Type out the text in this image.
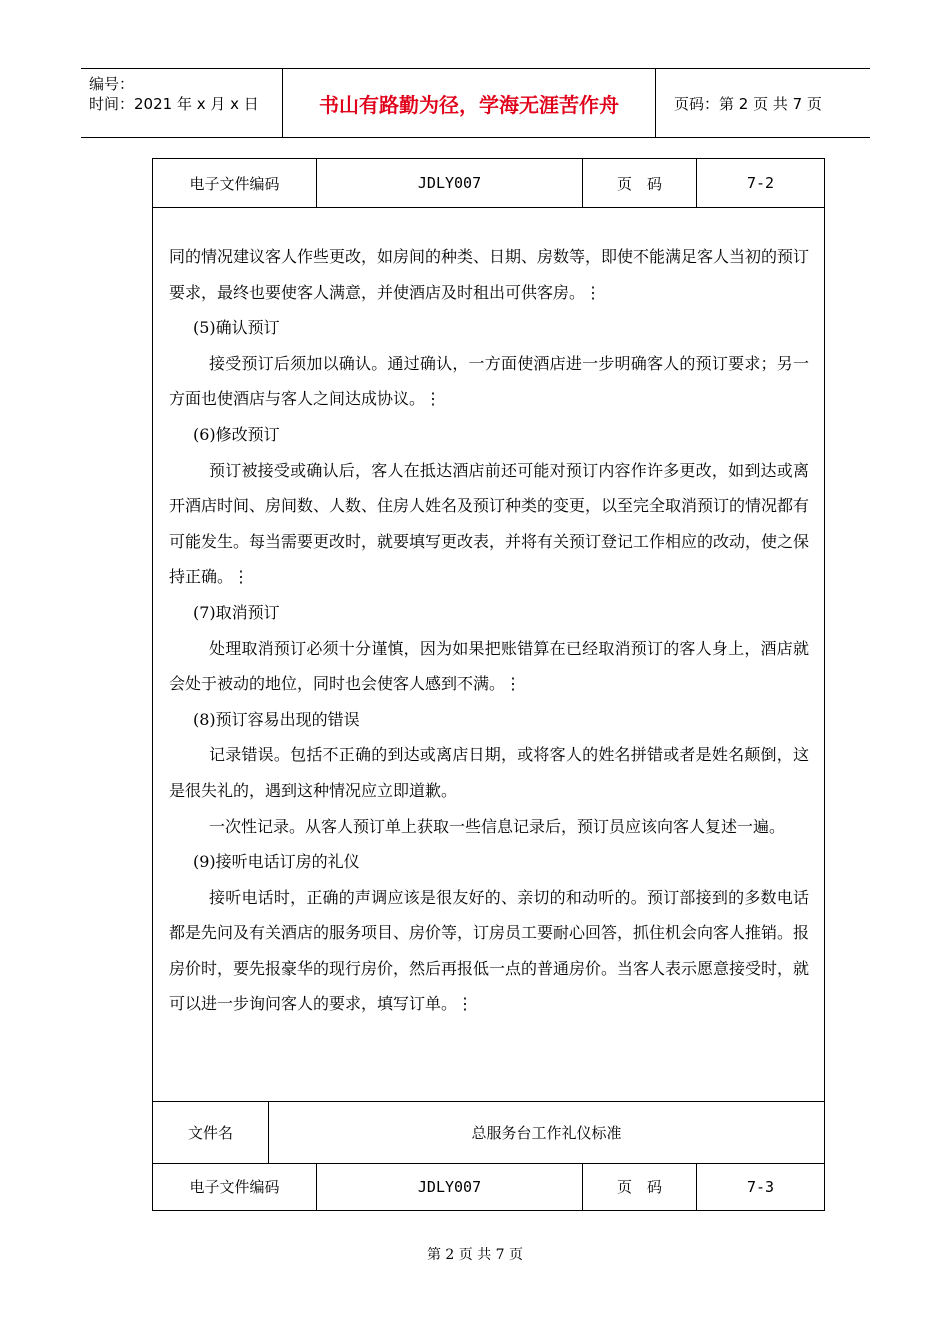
编号：
时间：2021 年 x 月 x 日	书山有路勤为径，学海无涯苦作舟	页码：第 2 页 共 7 页
电子文件编码	JDLY007	页　码	7-2

同的情况建议客人作些更改，如房间的种类、日期、房数等，即使不能满足客人当初的预订要求，最终也要使客人满意，并使酒店及时租出可供客房。⋮

(5)确认预订

接受预订后须加以确认。通过确认，一方面使酒店进一步明确客人的预订要求；另一方面也使酒店与客人之间达成协议。⋮

(6)修改预订

预订被接受或确认后，客人在抵达酒店前还可能对预订内容作许多更改，如到达或离开酒店时间、房间数、人数、住房人姓名及预订种类的变更，以至完全取消预订的情况都有可能发生。每当需要更改时，就要填写更改表，并将有关预订登记工作相应的改动，使之保持正确。⋮

(7)取消预订

处理取消预订必须十分谨慎，因为如果把账错算在已经取消预订的客人身上，酒店就会处于被动的地位，同时也会使客人感到不满。⋮

(8)预订容易出现的错误

记录错误。包括不正确的到达或离店日期，或将客人的姓名拼错或者是姓名颠倒，这是很失礼的，遇到这种情况应立即道歉。

一次性记录。从客人预订单上获取一些信息记录后，预订员应该向客人复述一遍。

(9)接听电话订房的礼仪

接听电话时，正确的声调应该是很友好的、亲切的和动听的。预订部接到的多数电话都是先问及有关酒店的服务项目、房价等，订房员工要耐心回答，抓住机会向客人推销。报房价时，要先报豪华的现行房价，然后再报低一点的普通房价。当客人表示愿意接受时，就可以进一步询问客人的要求，填写订单。⋮

文件名	总服务台工作礼仪标准
电子文件编码	JDLY007	页　码	7-3
第 2 页 共 7 页
